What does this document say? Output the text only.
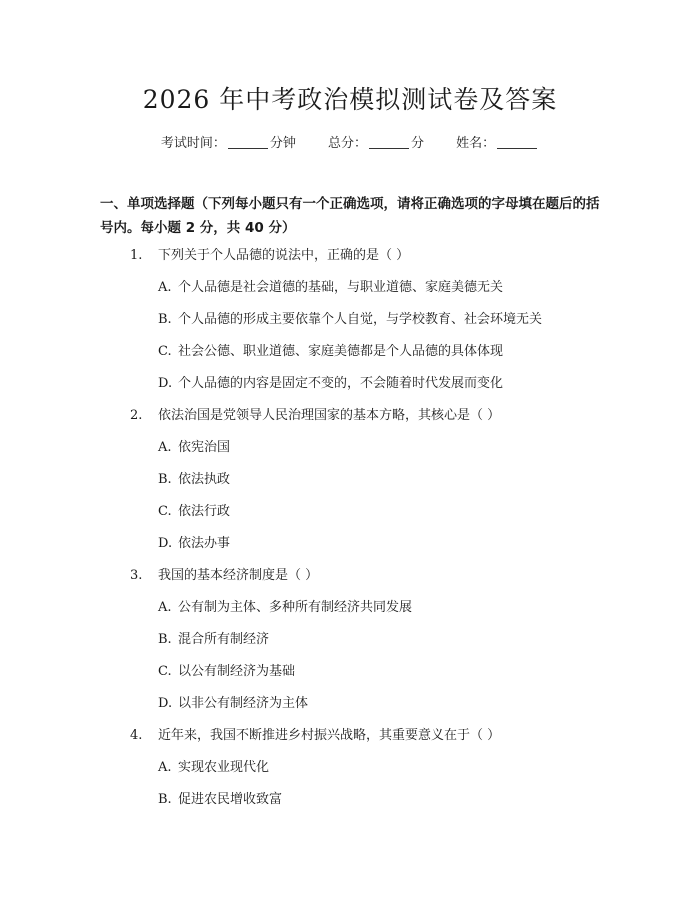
2026 年中考政治模拟测试卷及答案
考试时间：	分钟 总分：	分 姓名：
一、单项选择题（下列每小题只有一个正确选项，请将正确选项的字母填在题后的括号内。每小题 2 分，共 40 分）
1. 下列关于个人品德的说法中，正确的是（ ）
A. 个人品德是社会道德的基础，与职业道德、家庭美德无关
B. 个人品德的形成主要依靠个人自觉，与学校教育、社会环境无关
C. 社会公德、职业道德、家庭美德都是个人品德的具体体现
D. 个人品德的内容是固定不变的，不会随着时代发展而变化
2. 依法治国是党领导人民治理国家的基本方略，其核心是（ ）
A. 依宪治国
B. 依法执政
C. 依法行政
D. 依法办事
3. 我国的基本经济制度是（ ）
A. 公有制为主体、多种所有制经济共同发展
B. 混合所有制经济
C. 以公有制经济为基础
D. 以非公有制经济为主体
4. 近年来，我国不断推进乡村振兴战略，其重要意义在于（ ）
A. 实现农业现代化
B. 促进农民增收致富
